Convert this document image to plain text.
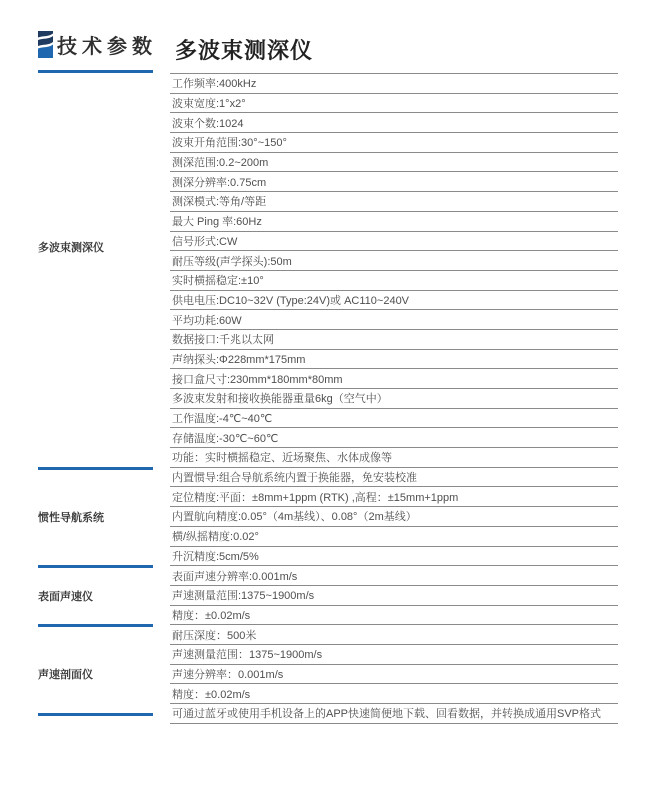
技术参数 多波束测深仪
多波束测深仪
工作频率:400kHz
波束宽度:1°x2°
波束个数:1024
波束开角范围:30°~150°
测深范围:0.2~200m
测深分辨率:0.75cm
测深模式:等角/等距
最大 Ping 率:60Hz
信号形式:CW
耐压等级(声学探头):50m
实时横摇稳定:±10°
供电电压:DC10~32V (Type:24V)或 AC110~240V
平均功耗:60W
数据接口:千兆以太网
声纳探头:Φ228mm*175mm
接口盒尺寸:230mm*180mm*80mm
多波束发射和接收换能器重量6kg（空气中）
工作温度:-4℃~40℃
存储温度:-30℃~60℃
功能：实时横摇稳定、近场聚焦、水体成像等
惯性导航系统
内置惯导:组合导航系统内置于换能器，免安装校准
定位精度:平面：±8mm+1ppm (RTK) ,高程：±15mm+1ppm
内置航向精度:0.05°（4m基线）、0.08°（2m基线）
横/纵摇精度:0.02°
升沉精度:5cm/5%
表面声速仪
表面声速分辨率:0.001m/s
声速测量范围:1375~1900m/s
精度：±0.02m/s
声速剖面仪
耐压深度：500米
声速测量范围：1375~1900m/s
声速分辨率：0.001m/s
精度：±0.02m/s
可通过蓝牙或使用手机设备上的APP快速简便地下载、回看数据，并转换成通用SVP格式
